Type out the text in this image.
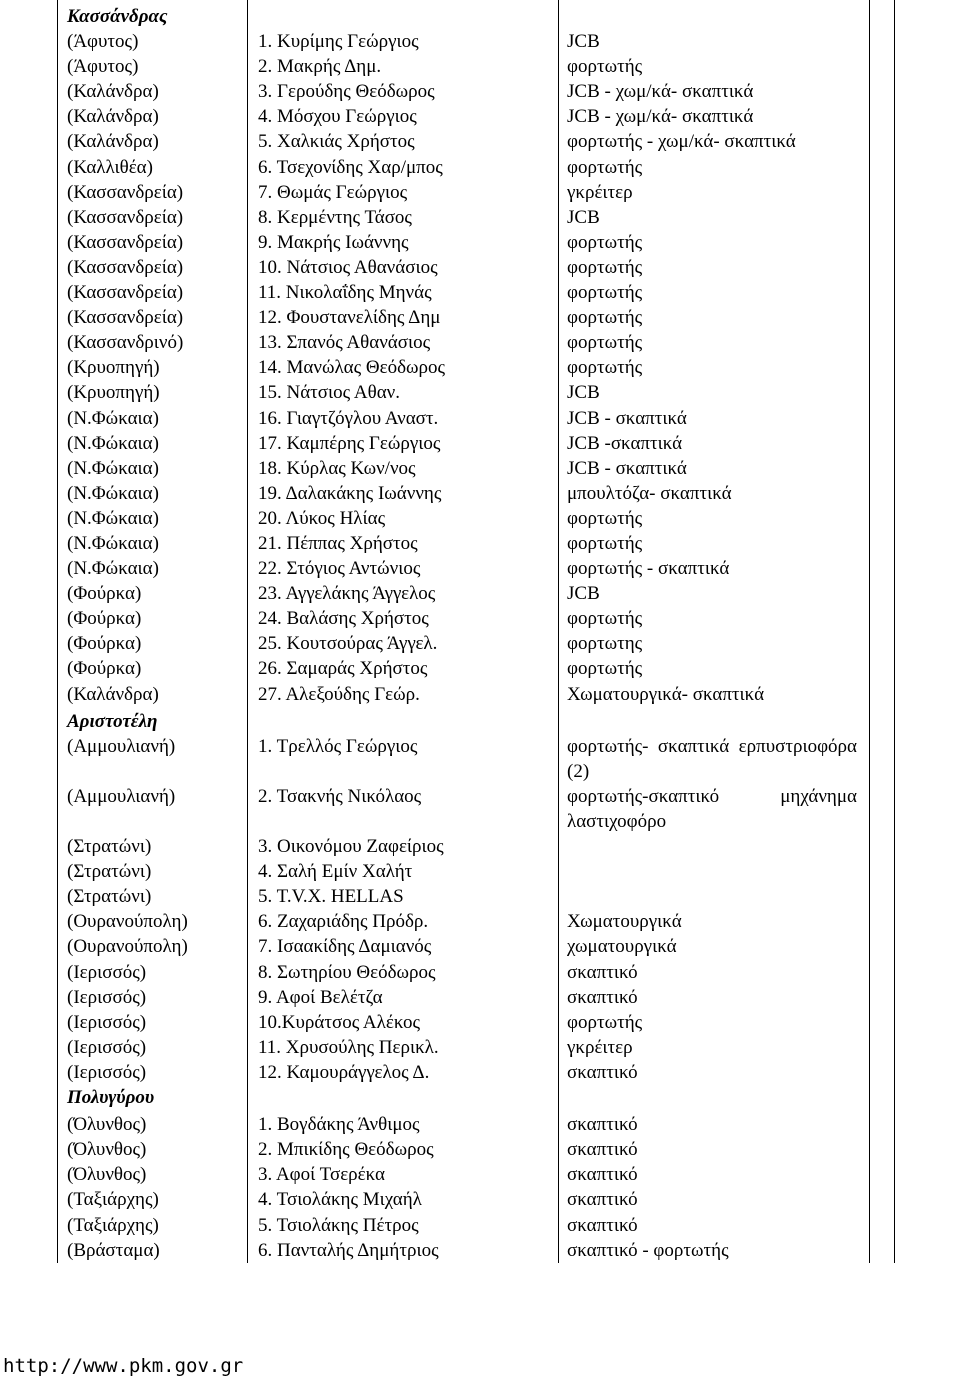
Κασσάνδρας
(Άφυτος)	1. Κυρίμης Γεώργιος	JCB
(Άφυτος)	2. Μακρής Δημ.	φορτωτής
(Καλάνδρα)	3. Γερούδης Θεόδωρος	JCB - χωμ/κά- σκαπτικά
(Καλάνδρα)	4. Μόσχου Γεώργιος	JCB - χωμ/κά- σκαπτικά
(Καλάνδρα)	5. Χαλκιάς Χρήστος	φορτωτής - χωμ/κά- σκαπτικά
(Καλλιθέα)	6. Τσεχονίδης Χαρ/μπος	φορτωτής
(Κασσανδρεία)	7. Θωμάς Γεώργιος	γκρέιτερ
(Κασσανδρεία)	8. Κερμέντης Τάσος	JCB
(Κασσανδρεία)	9. Μακρής Ιωάννης	φορτωτής
(Κασσανδρεία)	10. Νάτσιος Αθανάσιος	φορτωτής
(Κασσανδρεία)	11. Νικολαΐδης Μηνάς	φορτωτής
(Κασσανδρεία)	12. Φουστανελίδης Δημ	φορτωτής
(Κασσανδρινό)	13. Σπανός Αθανάσιος	φορτωτής
(Κρυοπηγή)	14. Μανώλας Θεόδωρος	φορτωτής
(Κρυοπηγή)	15. Νάτσιος Αθαν.	JCB
(Ν.Φώκαια)	16. Γιαγτζόγλου Αναστ.	JCB - σκαπτικά
(Ν.Φώκαια)	17. Καμπέρης Γεώργιος	JCB -σκαπτικά
(Ν.Φώκαια)	18. Κύρλας Κων/νος	JCB - σκαπτικά
(Ν.Φώκαια)	19. Δαλακάκης Ιωάννης	μπουλτόζα- σκαπτικά
(Ν.Φώκαια)	20. Λύκος Ηλίας	φορτωτής
(Ν.Φώκαια)	21. Πέππας Χρήστος	φορτωτής
(Ν.Φώκαια)	22. Στόγιος Αντώνιος	φορτωτής - σκαπτικά
(Φούρκα)	23. Αγγελάκης Άγγελος	JCB
(Φούρκα)	24. Βαλάσης Χρήστος	φορτωτής
(Φούρκα)	25. Κουτσούρας Άγγελ.	φορτωτης
(Φούρκα)	26. Σαμαράς Χρήστος	φορτωτής
(Καλάνδρα)	27. Αλεξούδης Γεώρ.	Χωματουργικά- σκαπτικά
Αριστοτέλη
(Αμμουλιανή)	1. Τρελλός Γεώργιος	φορτωτής- σκαπτικά ερπυστριοφόρα (2)
(Αμμουλιανή)	2. Τσακνής Νικόλαος	φορτωτής-σκαπτικό μηχάνημα λαστιχοφόρο
(Στρατώνι)	3. Οικονόμου Ζαφείριος
(Στρατώνι)	4. Σαλή Εμίν Χαλήτ
(Στρατώνι)	5. Τ.V.Χ. HELLAS
(Ουρανούπολη)	6. Ζαχαριάδης Πρόδρ.	Χωματουργικά
(Ουρανούπολη)	7. Ισαακίδης Δαμιανός	χωματουργικά
(Ιερισσός)	8. Σωτηρίου Θεόδωρος	σκαπτικό
(Ιερισσός)	9. Αφοί Βελέτζα	σκαπτικό
(Ιερισσός)	10.Κυράτσος Αλέκος	φορτωτής
(Ιερισσός)	11. Χρυσούλης Περικλ.	γκρέιτερ
(Ιερισσός)	12. Καμουράγγελος Δ.	σκαπτικό
Πολυγύρου
(Όλυνθος)	1. Βογδάκης Άνθιμος	σκαπτικό
(Όλυνθος)	2. Μπικίδης Θεόδωρος	σκαπτικό
(Όλυνθος)	3. Αφοί Τσερέκα	σκαπτικό
(Ταξιάρχης)	4. Τσιολάκης Μιχαήλ	σκαπτικό
(Ταξιάρχης)	5. Τσιολάκης Πέτρος	σκαπτικό
(Βράσταμα)	6. Πανταλής Δημήτριος	σκαπτικό - φορτωτής
http://www.pkm.gov.gr
